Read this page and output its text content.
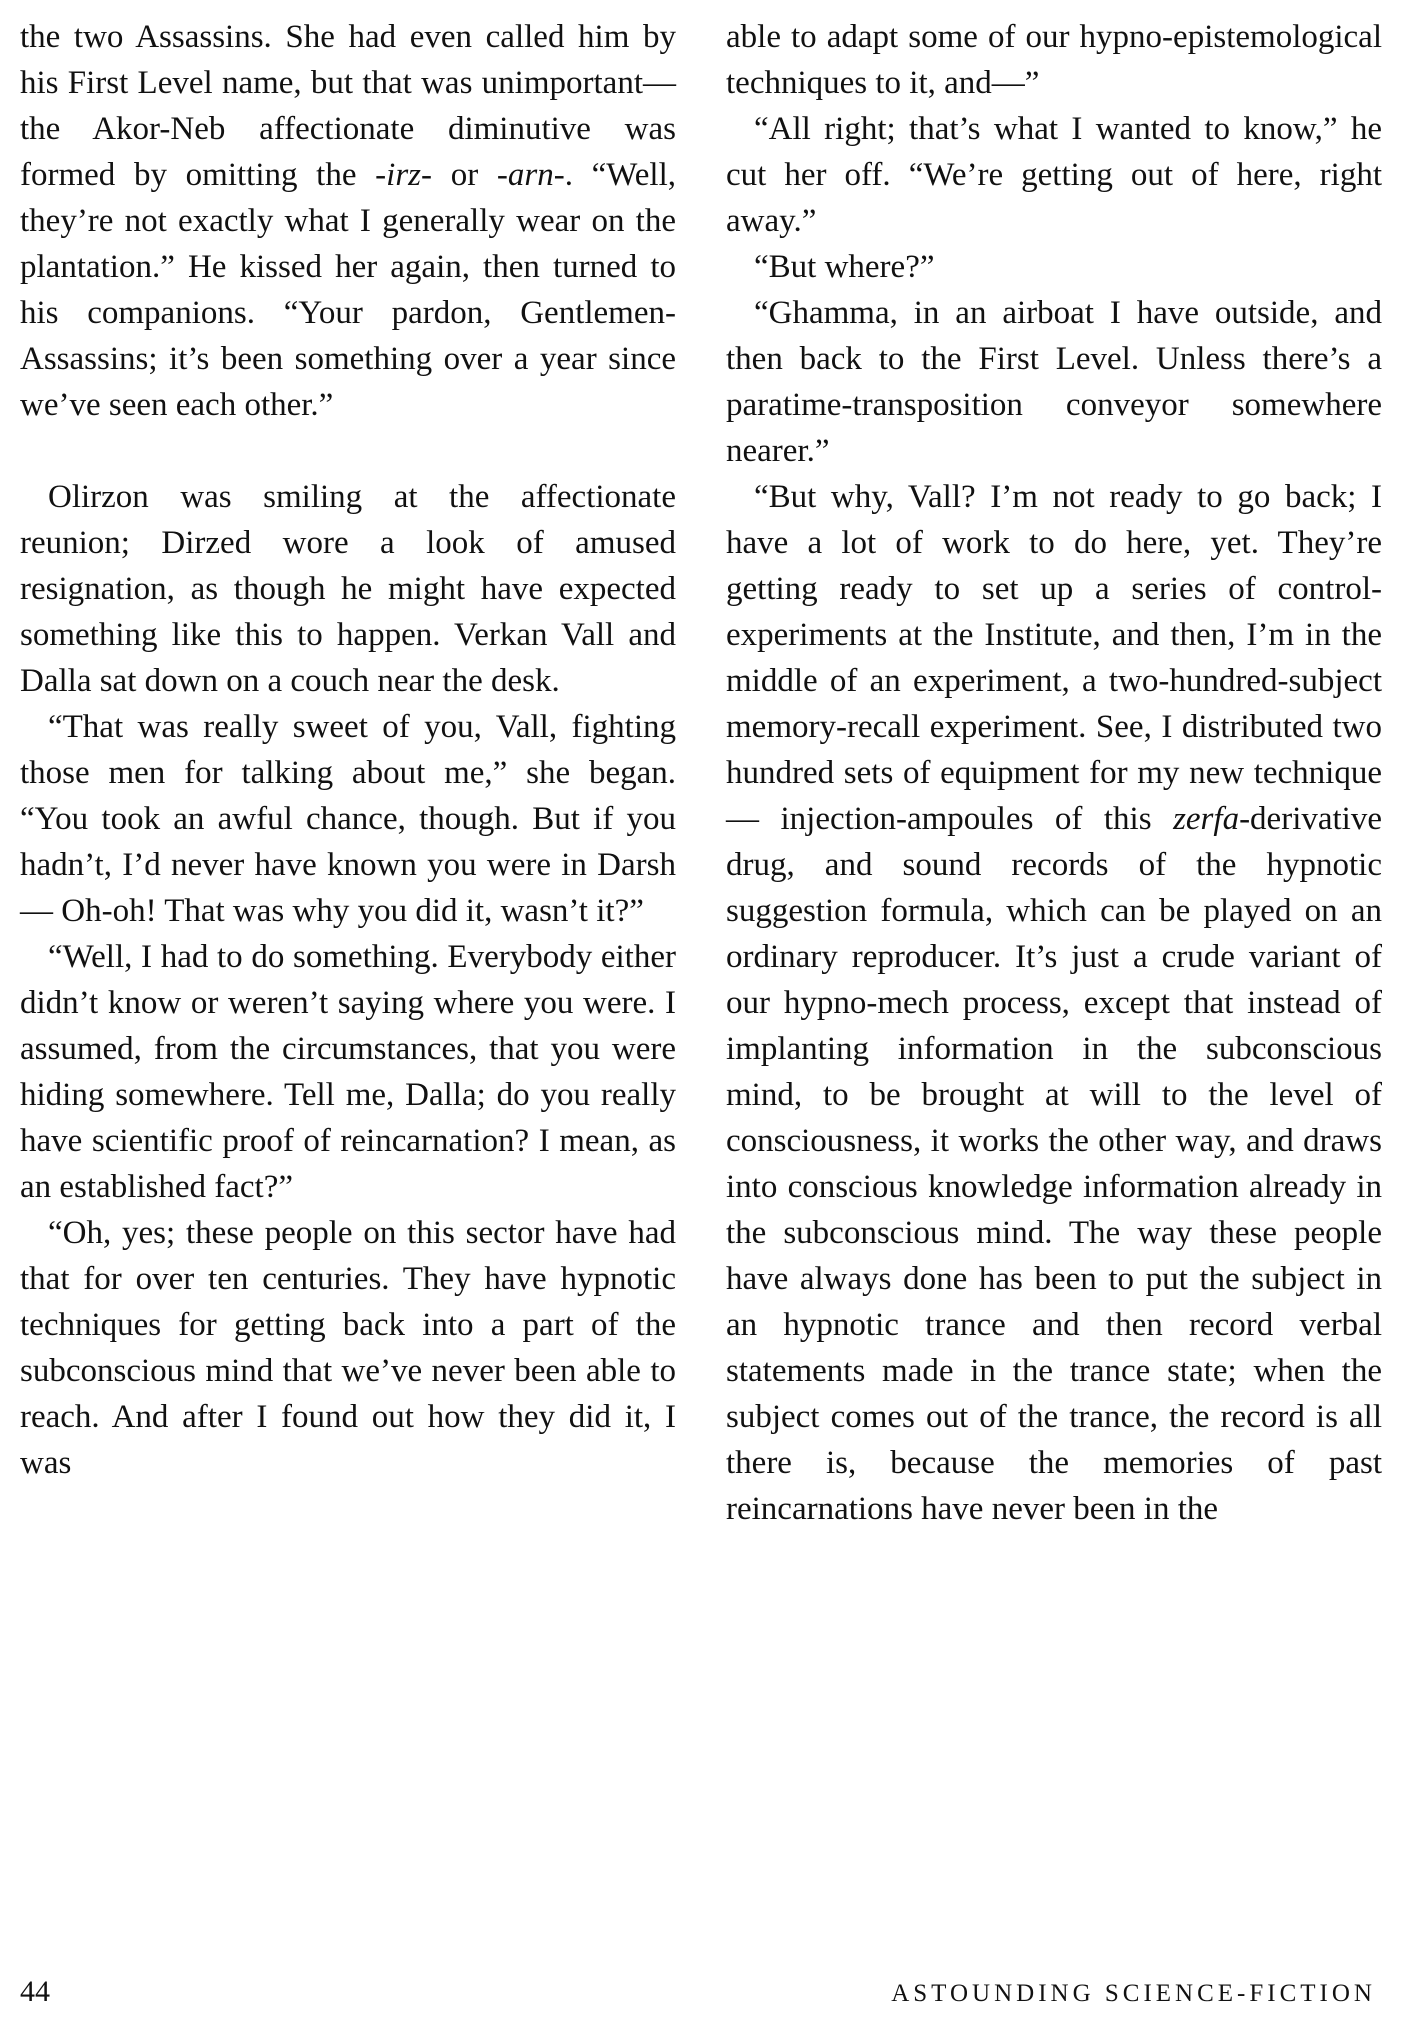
the two Assassins. She had even called him by his First Level name, but that was unimportant—the Akor-Neb affectionate diminutive was formed by omitting the -irz- or -arn-. “Well, they’re not exactly what I generally wear on the plantation.” He kissed her again, then turned to his companions. “Your pardon, Gentlemen-Assassins; it’s been something over a year since we’ve seen each other.”

Olirzon was smiling at the affectionate reunion; Dirzed wore a look of amused resignation, as though he might have expected something like this to happen. Verkan Vall and Dalla sat down on a couch near the desk.

“That was really sweet of you, Vall, fighting those men for talking about me,” she began. “You took an awful chance, though. But if you hadn’t, I’d never have known you were in Darsh— Oh-oh! That was why you did it, wasn’t it?”

“Well, I had to do something. Everybody either didn’t know or weren’t saying where you were. I assumed, from the circumstances, that you were hiding somewhere. Tell me, Dalla; do you really have scientific proof of reincarnation? I mean, as an established fact?”

“Oh, yes; these people on this sector have had that for over ten centuries. They have hypnotic techniques for getting back into a part of the subconscious mind that we’ve never been able to reach. And after I found out how they did it, I was

able to adapt some of our hypno-epistemological techniques to it, and—”

“All right; that’s what I wanted to know,” he cut her off. “We’re getting out of here, right away.”

“But where?”

“Ghamma, in an airboat I have outside, and then back to the First Level. Unless there’s a paratime-transposition conveyor somewhere nearer.”

“But why, Vall? I’m not ready to go back; I have a lot of work to do here, yet. They’re getting ready to set up a series of control-experiments at the Institute, and then, I’m in the middle of an experiment, a two-hundred-subject memory-recall experiment. See, I distributed two hundred sets of equipment for my new technique — injection-ampoules of this zerfa-derivative drug, and sound records of the hypnotic suggestion formula, which can be played on an ordinary reproducer. It’s just a crude variant of our hypno-mech process, except that instead of implanting information in the subconscious mind, to be brought at will to the level of consciousness, it works the other way, and draws into conscious knowledge information already in the subconscious mind. The way these people have always done has been to put the subject in an hypnotic trance and then record verbal statements made in the trance state; when the subject comes out of the trance, the record is all there is, because the memories of past reincarnations have never been in the

44	ASTOUNDING SCIENCE-FICTION
